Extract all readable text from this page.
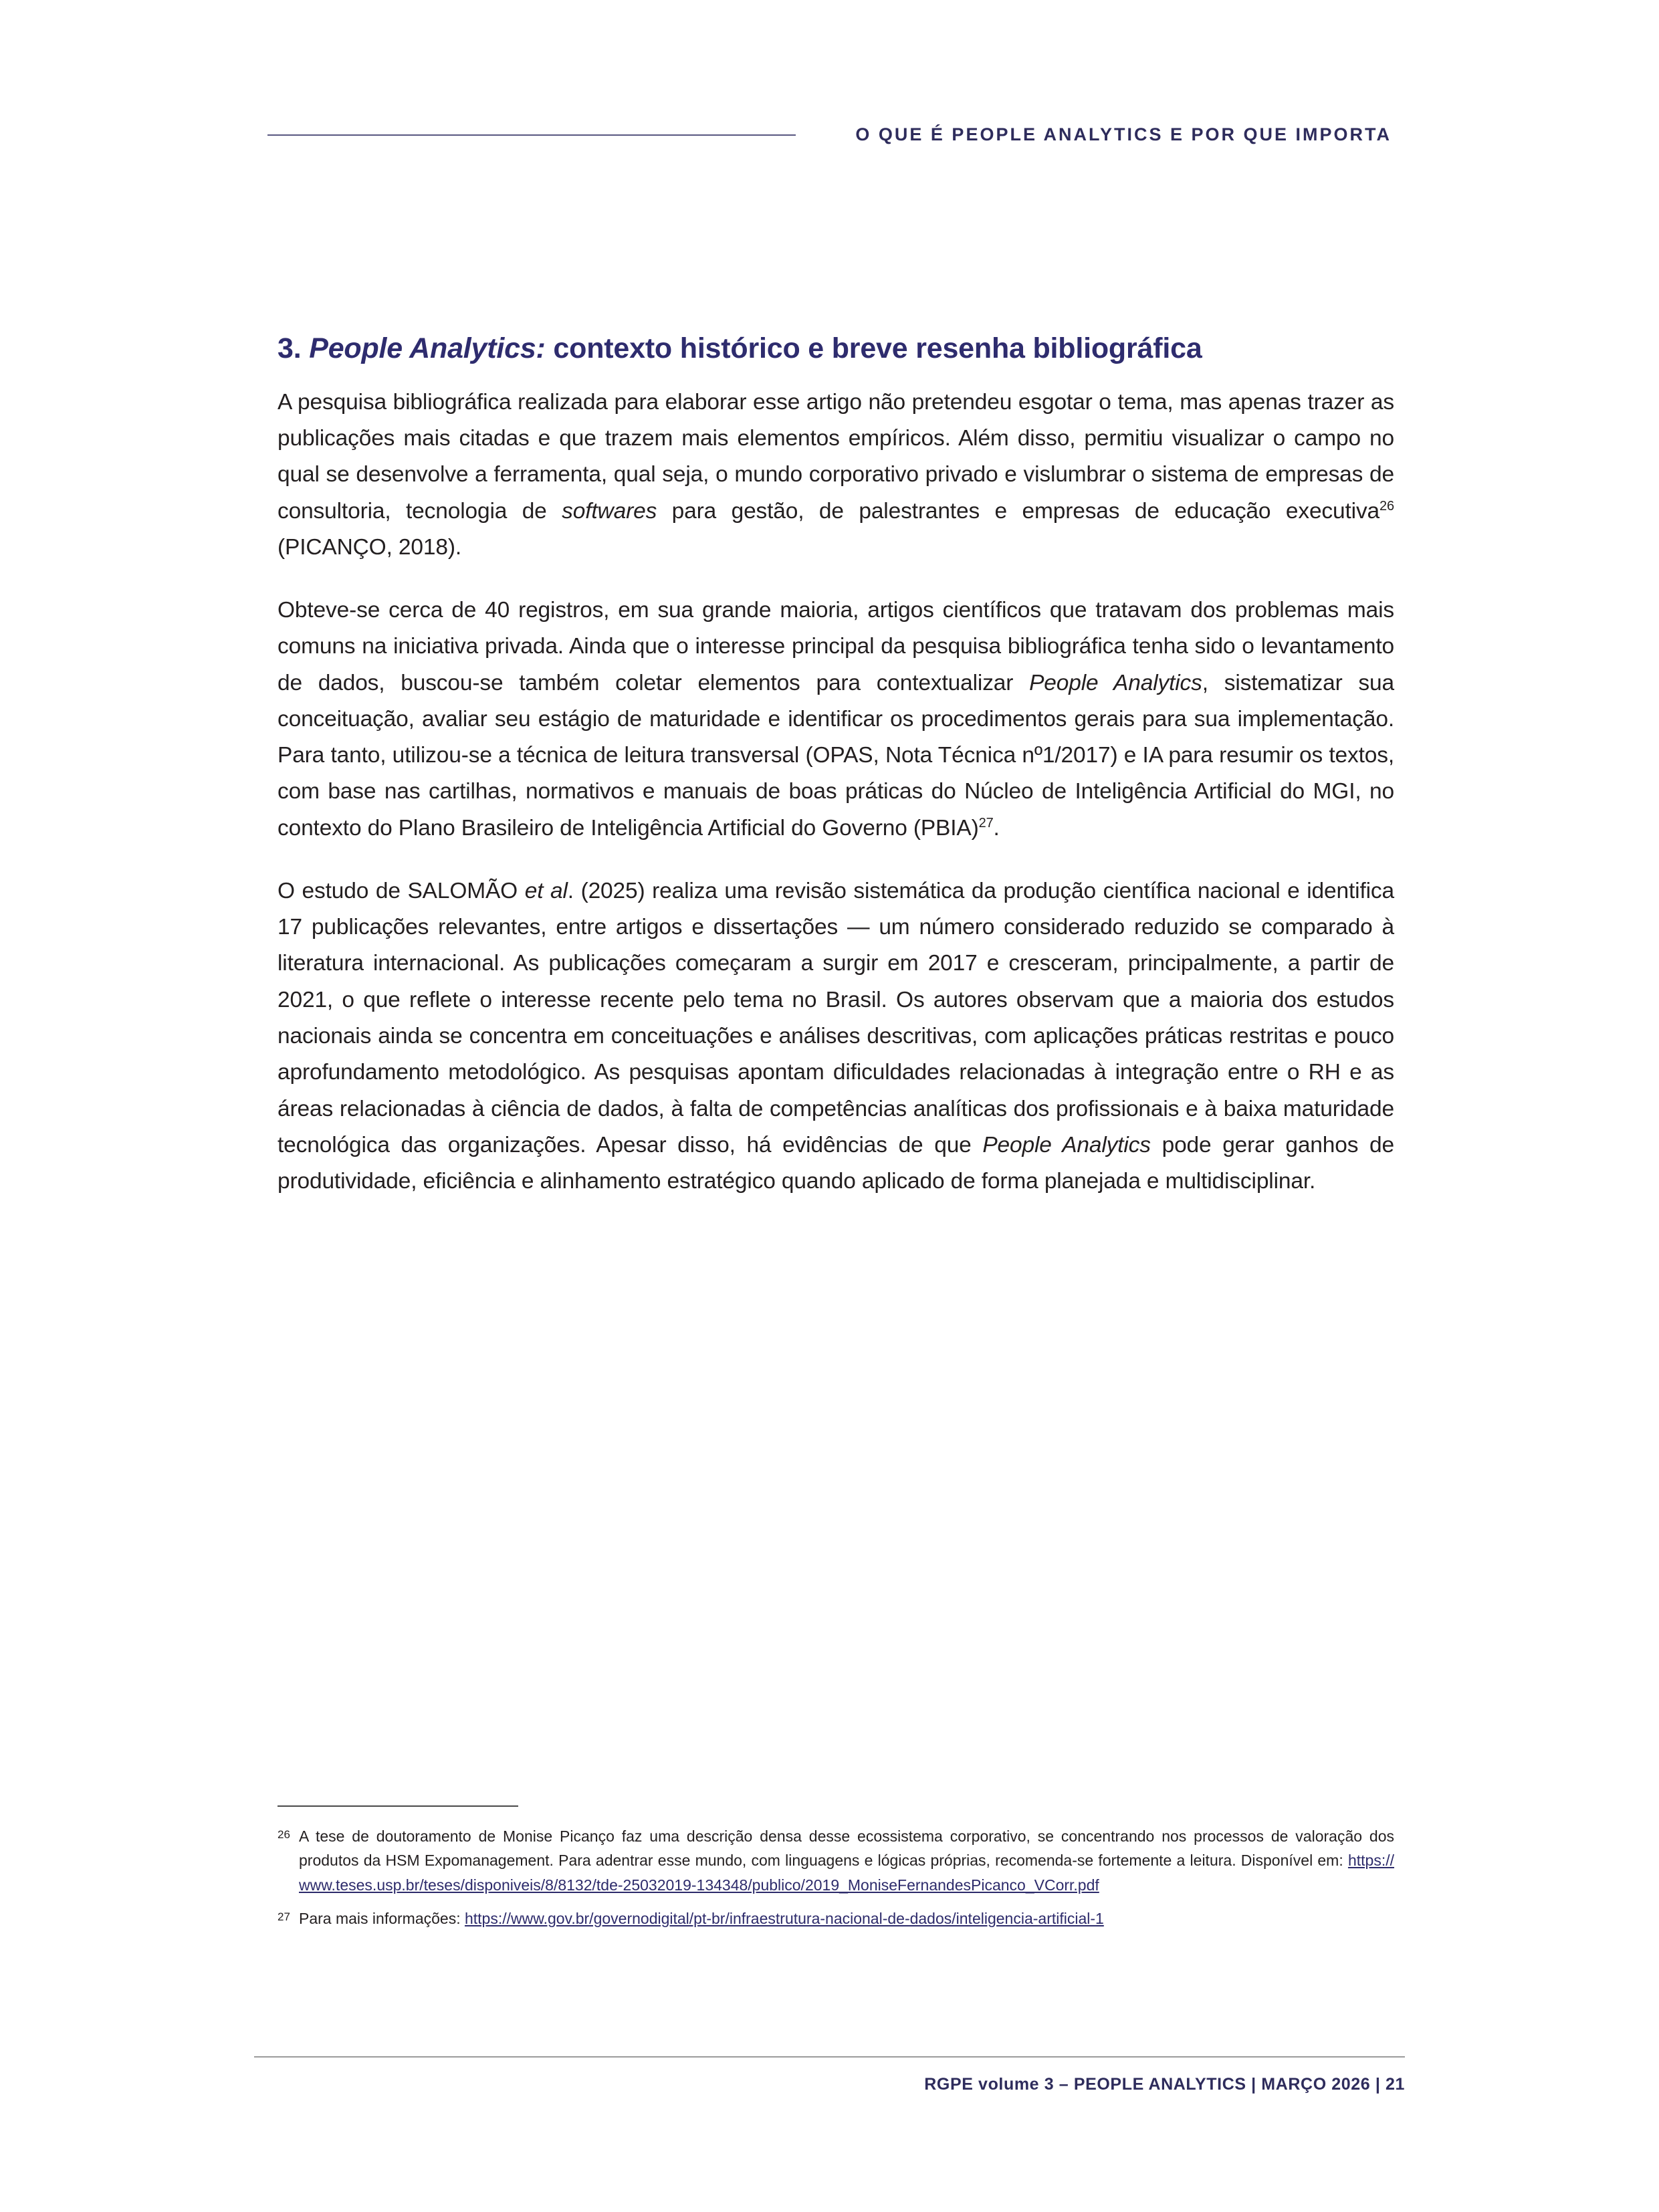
O QUE É PEOPLE ANALYTICS E POR QUE IMPORTA
3. People Analytics: contexto histórico e breve resenha bibliográfica

A pesquisa bibliográfica realizada para elaborar esse artigo não pretendeu esgotar o tema, mas apenas trazer as publicações mais citadas e que trazem mais elementos empíricos. Além disso, permitiu visualizar o campo no qual se desenvolve a ferramenta, qual seja, o mundo corporativo privado e vislumbrar o sistema de empresas de consultoria, tecnologia de softwares para gestão, de palestrantes e empresas de educação executiva$^{26}$ (PICANÇO, 2018).

Obteve-se cerca de 40 registros, em sua grande maioria, artigos científicos que tratavam dos problemas mais comuns na iniciativa privada. Ainda que o interesse principal da pesquisa bibliográfica tenha sido o levantamento de dados, buscou-se também coletar elementos para contextualizar People Analytics, sistematizar sua conceituação, avaliar seu estágio de maturidade e identificar os procedimentos gerais para sua implementação. Para tanto, utilizou-se a técnica de leitura transversal (OPAS, Nota Técnica nº1/2017) e IA para resumir os textos, com base nas cartilhas, normativos e manuais de boas práticas do Núcleo de Inteligência Artificial do MGI, no contexto do Plano Brasileiro de Inteligência Artificial do Governo (PBIA)$^{27}$.

O estudo de SALOMÃO et al. (2025) realiza uma revisão sistemática da produção científica nacional e identifica 17 publicações relevantes, entre artigos e dissertações — um número considerado reduzido se comparado à literatura internacional. As publicações começaram a surgir em 2017 e cresceram, principalmente, a partir de 2021, o que reflete o interesse recente pelo tema no Brasil. Os autores observam que a maioria dos estudos nacionais ainda se concentra em conceituações e análises descritivas, com aplicações práticas restritas e pouco aprofundamento metodológico. As pesquisas apontam dificuldades relacionadas à integração entre o RH e as áreas relacionadas à ciência de dados, à falta de competências analíticas dos profissionais e à baixa maturidade tecnológica das organizações. Apesar disso, há evidências de que People Analytics pode gerar ganhos de produtividade, eficiência e alinhamento estratégico quando aplicado de forma planejada e multidisciplinar.

26 A tese de doutoramento de Monise Picanço faz uma descrição densa desse ecossistema corporativo, se concentrando nos processos de valoração dos produtos da HSM Expomanagement. Para adentrar esse mundo, com linguagens e lógicas próprias, recomenda-se fortemente a leitura. Disponível em: https://www.teses.usp.br/teses/disponiveis/8/8132/tde-25032019-134348/publico/2019_MoniseFernandesPicanco_VCorr.pdf
27 Para mais informações: https://www.gov.br/governodigital/pt-br/infraestrutura-nacional-de-dados/inteligencia-artificial-1
RGPE volume 3 – PEOPLE ANALYTICS | MARÇO 2026 | 21
